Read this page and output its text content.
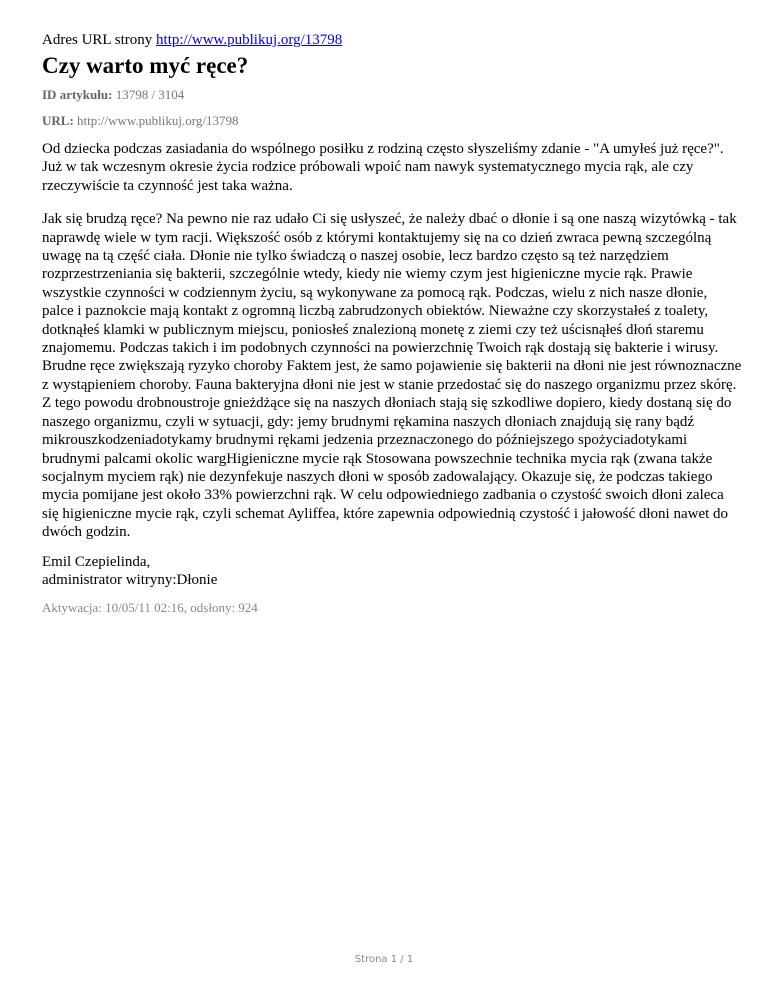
Adres URL strony http://www.publikuj.org/13798

Czy warto myć ręce?

ID artykułu: 13798 / 3104

URL: http://www.publikuj.org/13798

Od dziecka podczas zasiadania do wspólnego posiłku z rodziną często słyszeliśmy zdanie - "A umyłeś już ręce?". Już w tak wczesnym okresie życia rodzice próbowali wpoić nam nawyk systematycznego mycia rąk, ale czy rzeczywiście ta czynność jest taka ważna.

Jak się brudzą ręce? Na pewno nie raz udało Ci się usłyszeć, że należy dbać o dłonie i są one naszą wizytówką - tak naprawdę wiele w tym racji. Większość osób z którymi kontaktujemy się na co dzień zwraca pewną szczególną uwagę na tą część ciała. Dłonie nie tylko świadczą o naszej osobie, lecz bardzo często są też narzędziem rozprzestrzeniania się bakterii, szczególnie wtedy, kiedy nie wiemy czym jest higieniczne mycie rąk. Prawie wszystkie czynności w codziennym życiu, są wykonywane za pomocą rąk. Podczas, wielu z nich nasze dłonie, palce i paznokcie mają kontakt z ogromną liczbą zabrudzonych obiektów. Nieważne czy skorzystałeś z toalety, dotknąłeś klamki w publicznym miejscu, poniosłeś znalezioną monetę z ziemi czy też uścisnąłeś dłoń staremu znajomemu. Podczas takich i im podobnych czynności na powierzchnię Twoich rąk dostają się bakterie i wirusy. Brudne ręce zwiększają ryzyko choroby Faktem jest, że samo pojawienie się bakterii na dłoni nie jest równoznaczne z wystąpieniem choroby. Fauna bakteryjna dłoni nie jest w stanie przedostać się do naszego organizmu przez skórę. Z tego powodu drobnoustroje gnieżdżące się na naszych dłoniach stają się szkodliwe dopiero, kiedy dostaną się do naszego organizmu, czyli w sytuacji, gdy: jemy brudnymi rękamina naszych dłoniach znajdują się rany bądź mikrouszkodzeniadotykamy brudnymi rękami jedzenia przeznaczonego do późniejszego spożyciadotykami brudnymi palcami okolic wargHigieniczne mycie rąk Stosowana powszechnie technika mycia rąk (zwana także socjalnym myciem rąk) nie dezynfekuje naszych dłoni w sposób zadowalający. Okazuje się, że podczas takiego mycia pomijane jest około 33% powierzchni rąk. W celu odpowiedniego zadbania o czystość swoich dłoni zaleca się higieniczne mycie rąk, czyli schemat Ayliffea, które zapewnia odpowiednią czystość i jałowość dłoni nawet do dwóch godzin.

Emil Czepielinda,
administrator witryny:Dłonie

Aktywacja: 10/05/11 02:16, odsłony: 924

Strona 1 / 1
